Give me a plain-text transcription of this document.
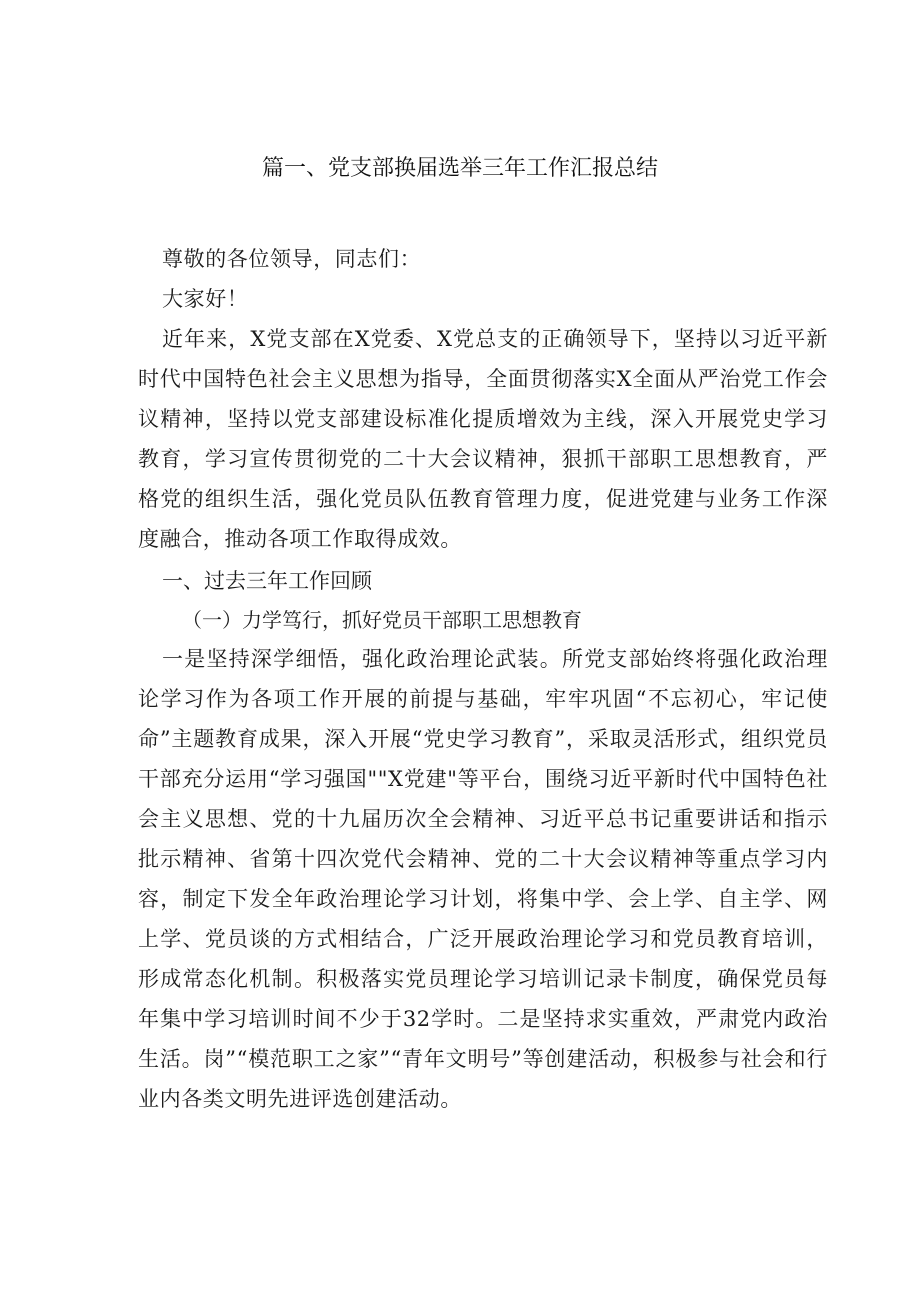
篇一、党支部换届选举三年工作汇报总结

尊敬的各位领导，同志们：

大家好！

近年来，X党支部在X党委、X党总支的正确领导下，坚持以习近平新时代中国特色社会主义思想为指导，全面贯彻落实X全面从严治党工作会议精神，坚持以党支部建设标准化提质增效为主线，深入开展党史学习教育，学习宣传贯彻党的二十大会议精神，狠抓干部职工思想教育，严格党的组织生活，强化党员队伍教育管理力度，促进党建与业务工作深度融合，推动各项工作取得成效。

一、过去三年工作回顾

（一）力学笃行，抓好党员干部职工思想教育

一是坚持深学细悟，强化政治理论武装。所党支部始终将强化政治理论学习作为各项工作开展的前提与基础，牢牢巩固“不忘初心，牢记使命”主题教育成果，深入开展“党史学习教育”，采取灵活形式，组织党员干部充分运用“学习强国""X党建"等平台，围绕习近平新时代中国特色社会主义思想、党的十九届历次全会精神、习近平总书记重要讲话和指示批示精神、省第十四次党代会精神、党的二十大会议精神等重点学习内容，制定下发全年政治理论学习计划，将集中学、会上学、自主学、网上学、党员谈的方式相结合，广泛开展政治理论学习和党员教育培训，形成常态化机制。积极落实党员理论学习培训记录卡制度，确保党员每年集中学习培训时间不少于32学时。二是坚持求实重效，严肃党内政治生活。岗”“模范职工之家”“青年文明号”等创建活动，积极参与社会和行业内各类文明先进评选创建活动。
